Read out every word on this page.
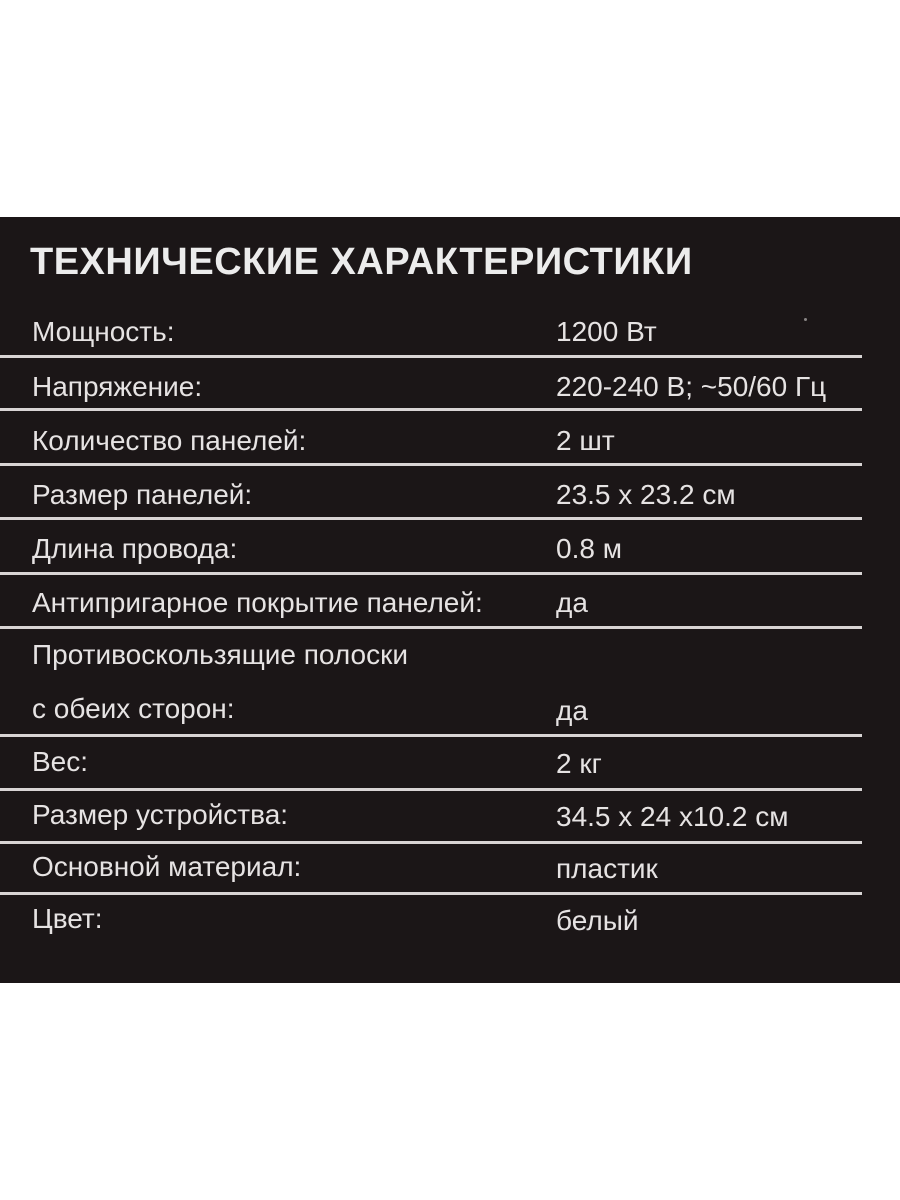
ТЕХНИЧЕСКИЕ ХАРАКТЕРИСТИКИ
Мощность:	1200 Вт
Напряжение:	220-240 В; ~50/60 Гц
Количество панелей:	2 шт
Размер панелей:	23.5 x 23.2 см
Длина провода:	0.8 м
Антипригарное покрытие панелей:	да
Противоскользящие полоски
с обеих сторон:	да
Вес:	2 кг
Размер устройства:	34.5 x 24 x10.2 см
Основной материал:	пластик
Цвет:	белый
